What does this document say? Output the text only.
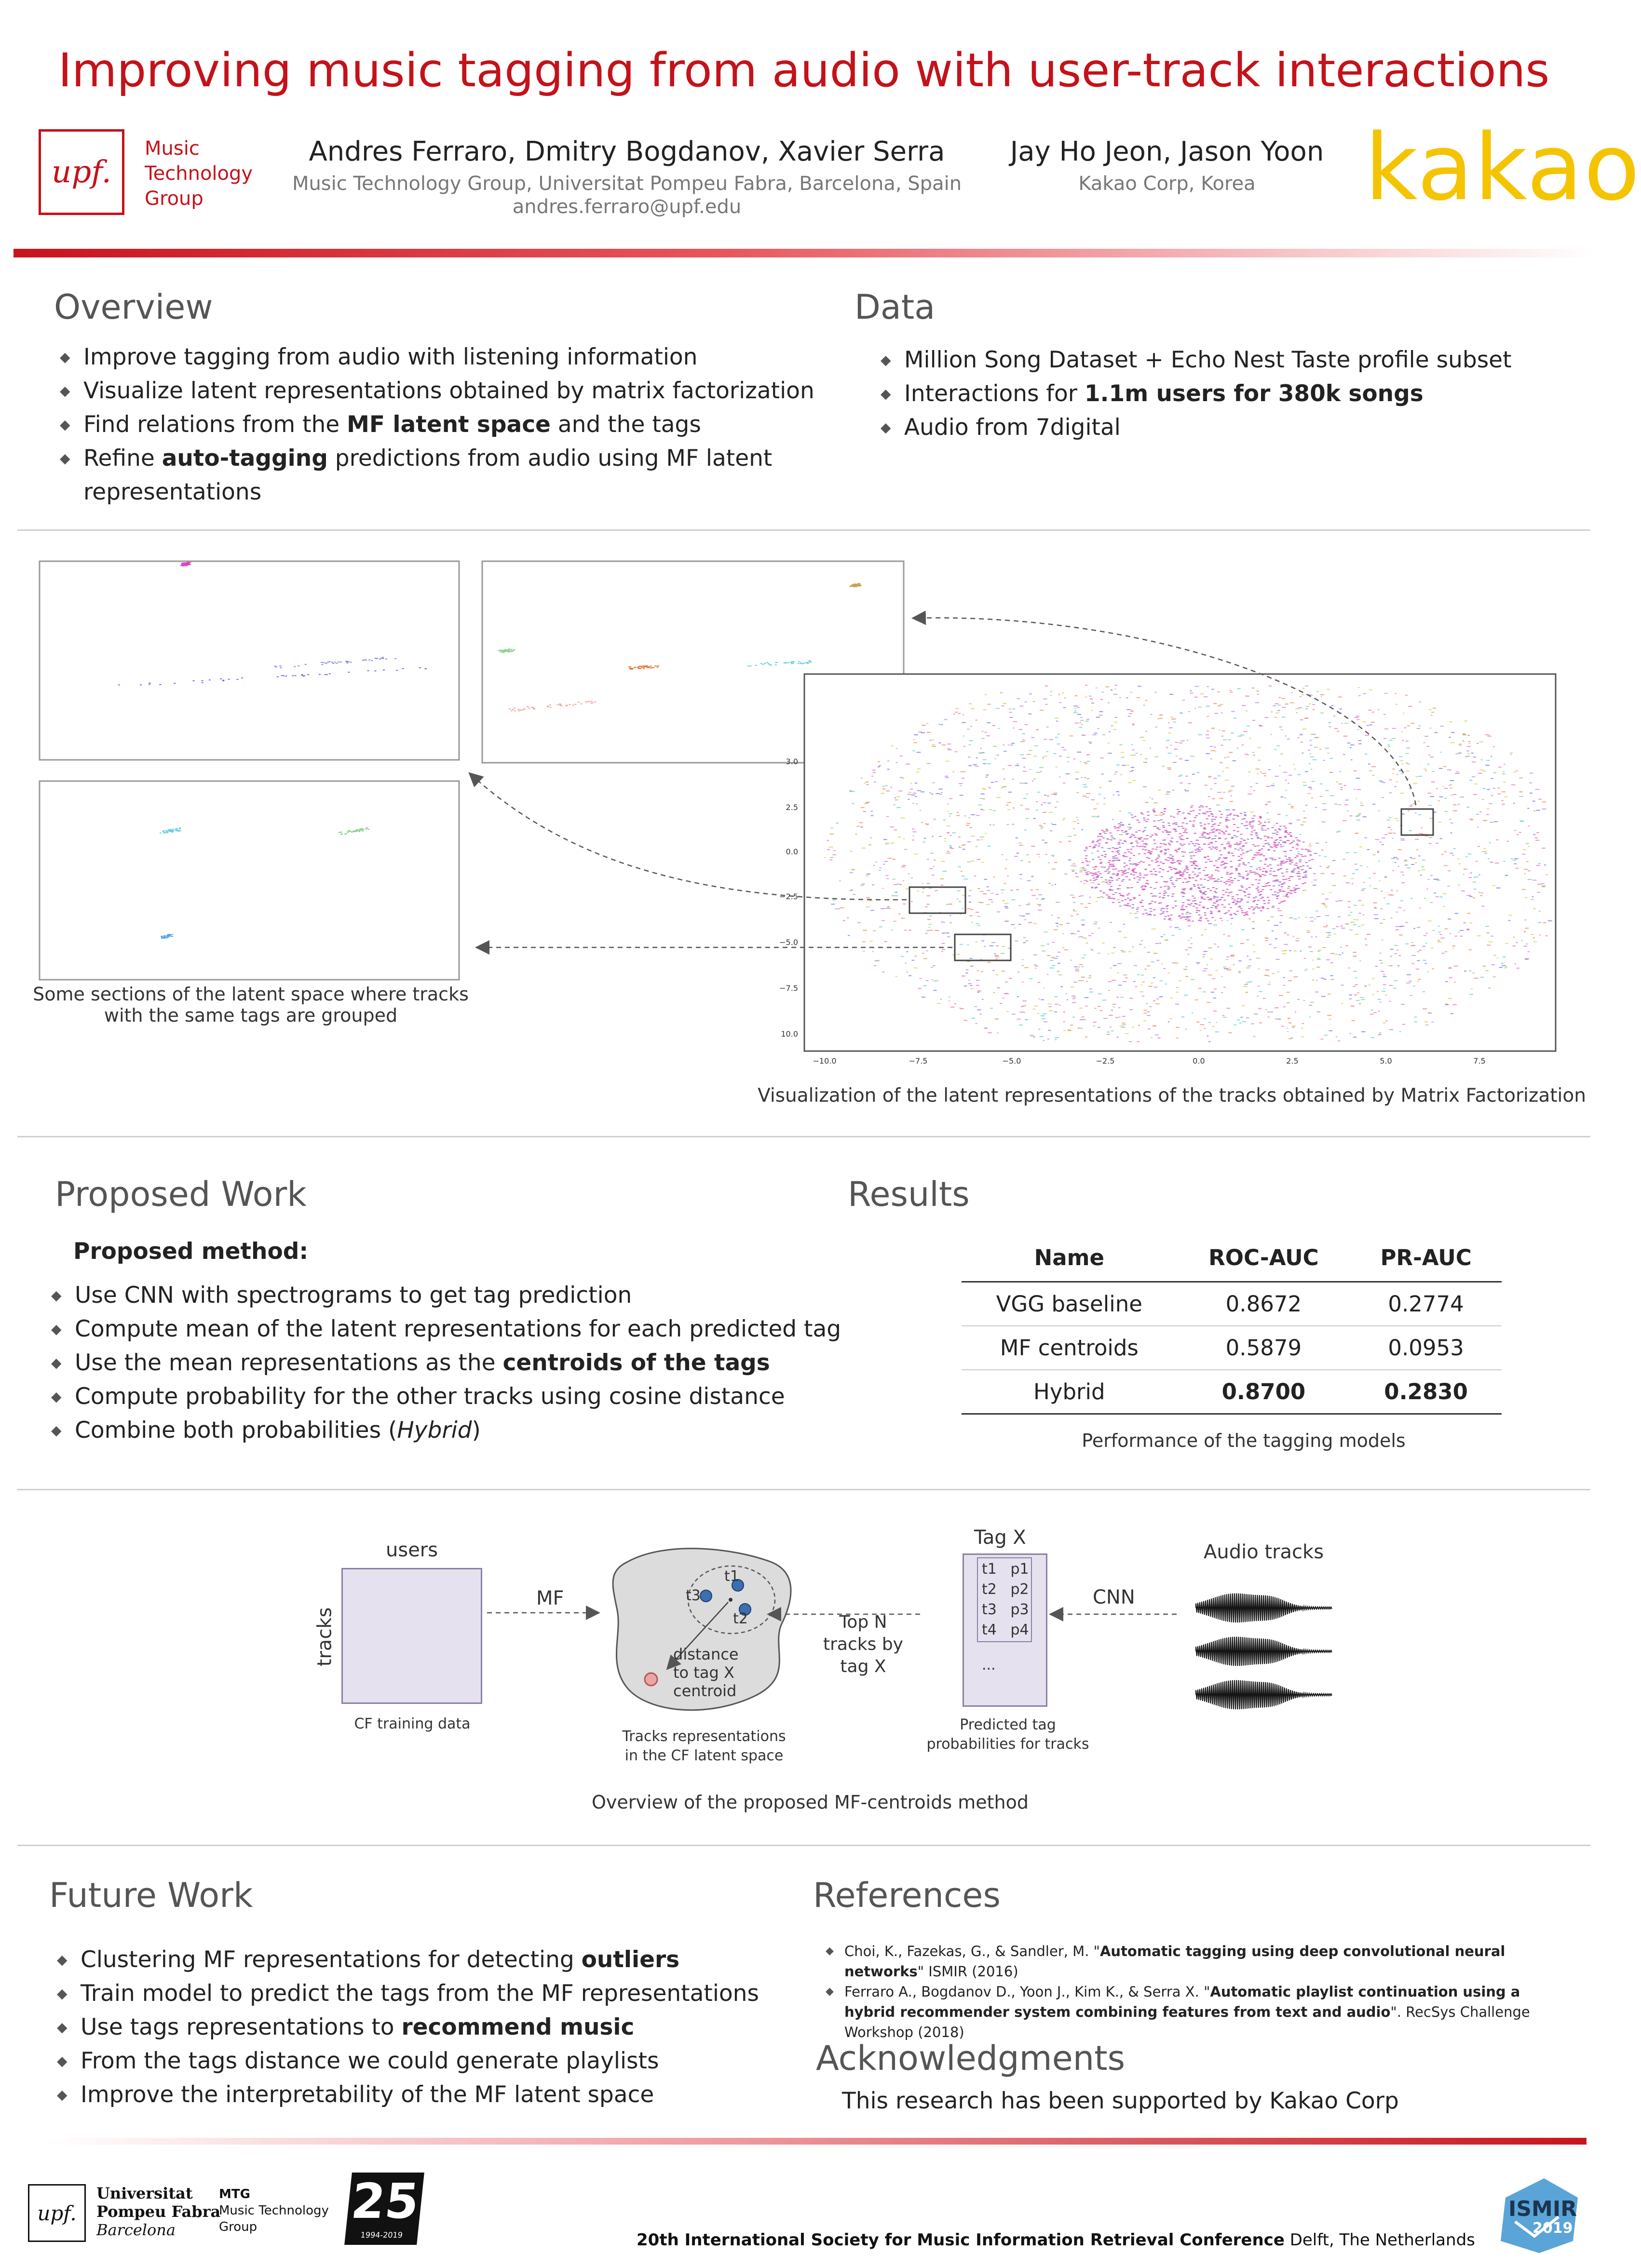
Improving music tagging from audio with user-track interactions
upf.
Music
Technology
Group
Andres Ferraro, Dmitry Bogdanov, Xavier Serra
Music Technology Group, Universitat Pompeu Fabra, Barcelona, Spain
andres.ferraro@upf.edu
Jay Ho Jeon, Jason Yoon
Kakao Corp, Korea	kakao
Overview
◆ Improve tagging from audio with listening information
◆ Visualize latent representations obtained by matrix factorization
◆ Find relations from the MF latent space and the tags
◆ Refine auto-tagging predictions from audio using MF latent representations
Data
◆ Million Song Dataset + Echo Nest Taste profile subset
◆ Interactions for 1.1m users for 380k songs
◆ Audio from 7digital
3.0
2.5
0.0
−2.5
−5.0
−7.5
10.0
−10.0	−7.5	−5.0	−2.5	0.0	2.5	5.0	7.5
Some sections of the latent space where tracks with the same tags are grouped
Visualization of the latent representations of the tracks obtained by Matrix Factorization
Proposed Work
Proposed method:
◆ Use CNN with spectrograms to get tag prediction
◆ Compute mean of the latent representations for each predicted tag
◆ Use the mean representations as the centroids of the tags
◆ Compute probability for the other tracks using cosine distance
◆ Combine both probabilities (Hybrid)
Results
Name	ROC-AUC	PR-AUC
VGG baseline	0.8672	0.2774
MF centroids	0.5879	0.0953
Hybrid	0.8700	0.2830
Performance of the tagging models
users
tracks
CF training data
MF
t1
t3
t2
distance
to tag X
centroid
Tracks representations
in the CF latent space
Top N
tracks by
tag X
Tag X
t1 p1
t2 p2
t3 p3
t4 p4
...
Predicted tag
probabilities for tracks
CNN
Audio tracks
Overview of the proposed MF-centroids method
Future Work
◆ Clustering MF representations for detecting outliers
◆ Train model to predict the tags from the MF representations
◆ Use tags representations to recommend music
◆ From the tags distance we could generate playlists
◆ Improve the interpretability of the MF latent space
References
◆ Choi, K., Fazekas, G., & Sandler, M. "Automatic tagging using deep convolutional neural networks" ISMIR (2016)
◆ Ferraro A., Bogdanov D., Yoon J., Kim K., & Serra X. "Automatic playlist continuation using a hybrid recommender system combining features from text and audio". RecSys Challenge Workshop (2018)
Acknowledgments
This research has been supported by Kakao Corp
upf.
Universitat
Pompeu Fabra
Barcelona
MTG
Music Technology
Group	25
1994-2019	20th International Society for Music Information Retrieval Conference Delft, The Netherlands
ISMIR
2019
